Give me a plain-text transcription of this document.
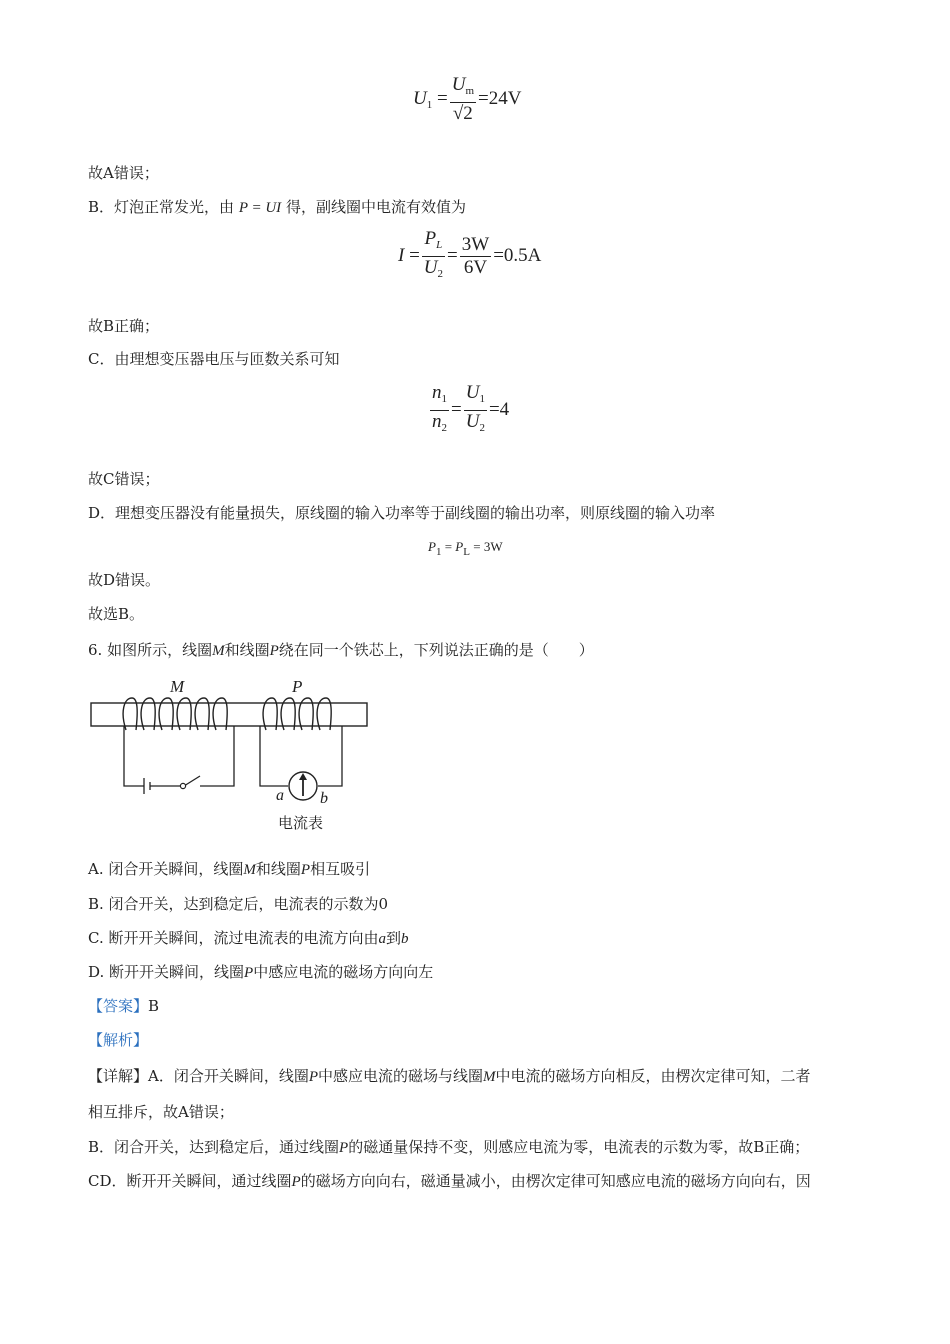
$U_1 = \frac{U_m}{√2} =24V$
故A错误；
B．灯泡正常发光，由 P = UI 得，副线圈中电流有效值为
$I = \frac{P_L}{U_2} = \frac{3W}{6V} =0.5A$
故B正确；
C．由理想变压器电压与匝数关系可知
$\frac{n_1}{n_2} = \frac{U_1}{U_2} =4$
故C错误；
D．理想变压器没有能量损失，原线圈的输入功率等于副线圈的输出功率，则原线圈的输入功率
$P_1 = P_L = 3W$
故D错误。
故选B。
6. 如图所示，线圈M和线圈P绕在同一个铁芯上，下列说法正确的是（　　）
M	P
a b
电流表
A. 闭合开关瞬间，线圈M和线圈P相互吸引
B. 闭合开关，达到稳定后，电流表的示数为0
C. 断开开关瞬间，流过电流表的电流方向由a到b
D. 断开开关瞬间，线圈P中感应电流的磁场方向向左
【答案】B
【解析】
【详解】A．闭合开关瞬间，线圈P中感应电流的磁场与线圈M中电流的磁场方向相反，由楞次定律可知，二者
相互排斥，故A错误；
B．闭合开关，达到稳定后，通过线圈P的磁通量保持不变，则感应电流为零，电流表的示数为零，故B正确；
CD．断开开关瞬间，通过线圈P的磁场方向向右，磁通量减小，由楞次定律可知感应电流的磁场方向向右，因
